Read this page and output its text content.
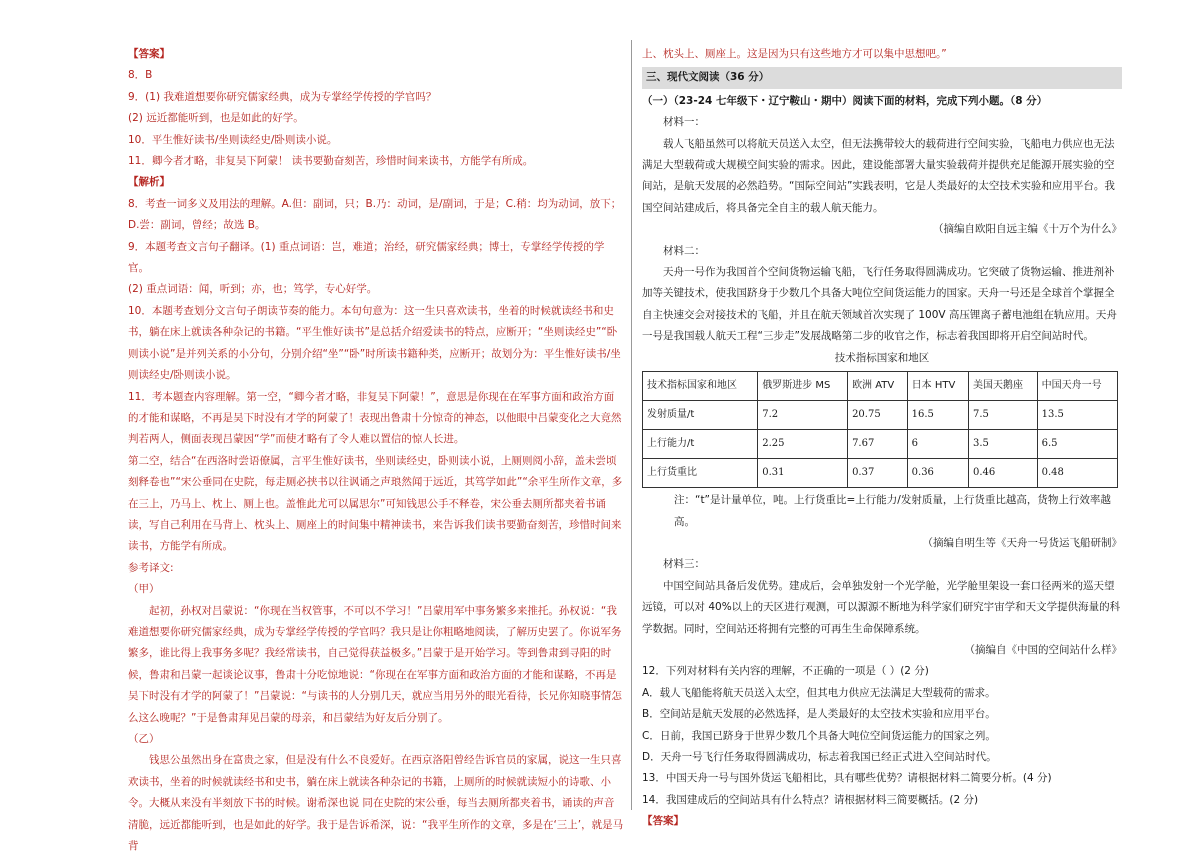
【答案】

8．B

9．(1) 我难道想要你研究儒家经典，成为专掌经学传授的学官吗？

(2) 远近都能听到，也是如此的好学。

10．平生惟好读书/坐则读经史/卧则读小说。

11．卿今者才略，非复吴下阿蒙！ 读书要勤奋刻苦，珍惜时间来读书，方能学有所成。

【解析】

8．考查一词多义及用法的理解。A.但：副词，只；B.乃：动词，是/副词，于是；C.稍：均为动词，放下；D.尝：副词，曾经；故选 B。

9．本题考查文言句子翻译。(1) 重点词语：岂，难道；治经，研究儒家经典；博士，专掌经学传授的学官。

(2) 重点词语：闻，听到；亦，也；笃学，专心好学。

10．本题考查划分文言句子朗读节奏的能力。本句句意为：这一生只喜欢读书，坐着的时候就读经书和史书，躺在床上就读各种杂记的书籍。“平生惟好读书”是总括介绍爱读书的特点，应断开；“坐则读经史”“卧则读小说”是并列关系的小分句，分别介绍“坐”“卧”时所读书籍种类，应断开；故划分为：平生惟好读书/坐则读经史/卧则读小说。

11．考本题查内容理解。第一空，“卿今者才略，非复吴下阿蒙！”，意思是你现在在军事方面和政治方面的才能和谋略，不再是吴下时没有才学的阿蒙了！表现出鲁肃十分惊奇的神态，以他眼中吕蒙变化之大竟然判若两人，侧面表现吕蒙因“学”而使才略有了令人难以置信的惊人长进。

第二空，结合“在西洛时尝语僚属，言平生惟好读书，坐则读经史，卧则读小说，上厕则阅小辞，盖未尝顷刻释卷也”“宋公垂同在史院，每走厕必挟书以往讽诵之声琅然闻于远近，其笃学如此”“余平生所作文章，多在三上，乃马上、枕上、厕上也。盖惟此尤可以属思尔”可知钱思公手不释卷，宋公垂去厕所都夹着书诵读，写自己利用在马背上、枕头上、厕座上的时间集中精神读书，来告诉我们读书要勤奋刻苦，珍惜时间来读书，方能学有所成。

参考译文:

（甲）

起初，孙权对吕蒙说：“你现在当权管事，不可以不学习！”吕蒙用军中事务繁多来推托。孙权说：“我难道想要你研究儒家经典，成为专掌经学传授的学官吗？我只是让你粗略地阅读，了解历史罢了。你说军务繁多，谁比得上我事务多呢？我经常读书，自己觉得获益极多。”吕蒙于是开始学习。等到鲁肃到寻阳的时候，鲁肃和吕蒙一起谈论议事，鲁肃十分吃惊地说：“你现在在军事方面和政治方面的才能和谋略，不再是吴下时没有才学的阿蒙了！”吕蒙说：“与读书的人分别几天，就应当用另外的眼光看待，长兄你知晓事情怎么这么晚呢？”于是鲁肃拜见吕蒙的母亲，和吕蒙结为好友后分别了。

（乙）

钱思公虽然出身在富贵之家，但是没有什么不良爱好。在西京洛阳曾经告诉官员的家属，说这一生只喜欢读书，坐着的时候就读经书和史书，躺在床上就读各种杂记的书籍，上厕所的时候就读短小的诗歌、小令。大概从来没有半刻放下书的时候。谢希深也说 同在史院的宋公垂，每当去厕所都夹着书，诵读的声音清脆，远近都能听到，也是如此的好学。我于是告诉希深，说：“我平生所作的文章，多是在‘三上’，就是马背

上、枕头上、厕座上。这是因为只有这些地方才可以集中思想吧。”

三、现代文阅读（36 分）

（一）（23-24 七年级下・辽宁鞍山・期中）阅读下面的材料，完成下列小题。（8 分）

材料一：

载人飞船虽然可以将航天员送入太空，但无法携带较大的载荷进行空间实验，飞船电力供应也无法满足大型载荷或大规模空间实验的需求。因此，建设能部署大量实验载荷并提供充足能源开展实验的空间站，是航天发展的必然趋势。“国际空间站”实践表明，它是人类最好的太空技术实验和应用平台。我国空间站建成后，将具备完全自主的载人航天能力。

（摘编自欧阳自远主编《十万个为什么》

材料二：

天舟一号作为我国首个空间货物运输飞船，飞行任务取得圆满成功。它突破了货物运输、推进剂补加等关键技术，使我国跻身于少数几个具备大吨位空间货运能力的国家。天舟一号还是全球首个掌握全自主快速交会对接技术的飞船，并且在航天领域首次实现了 100V 高压锂离子蓄电池组在轨应用。天舟一号是我国载人航天工程“三步走”发展战略第二步的收官之作，标志着我国即将开启空间站时代。

技术指标国家和地区

技术指标国家和地区	俄罗斯进步 MS	欧洲 ATV	日本 HTV	美国天鹅座	中国天舟一号
发射质量/t	7.2	20.75	16.5	7.5	13.5
上行能力/t	2.25	7.67	6	3.5	6.5
上行货重比	0.31	0.37	0.36	0.46	0.48

注：“t”是计量单位，吨。上行货重比=上行能力/发射质量，上行货重比越高，货物上行效率越高。

（摘编自明生等《天舟一号货运飞船研制》

材料三：

中国空间站具备后发优势。建成后，会单独发射一个光学舱，光学舱里架设一套口径两米的巡天望远镜，可以对 40%以上的天区进行观测，可以源源不断地为科学家们研究宇宙学和天文学提供海量的科学数据。同时，空间站还将拥有完整的可再生生命保障系统。

（摘编自《中国的空间站什么样》

12．下列对材料有关内容的理解，不正确的一项是（ ）(2 分)

A．载人飞船能将航天员送入太空，但其电力供应无法满足大型载荷的需求。

B．空间站是航天发展的必然选择，是人类最好的太空技术实验和应用平台。

C．日前，我国已跻身于世界少数几个具备大吨位空间货运能力的国家之列。

D．天舟一号飞行任务取得圆满成功，标志着我国已经正式进入空间站时代。

13．中国天舟一号与国外货运飞船相比，具有哪些优势？请根据材料二简要分析。(4 分)

14．我国建成后的空间站具有什么特点？请根据材料三简要概括。(2 分)

【答案】
